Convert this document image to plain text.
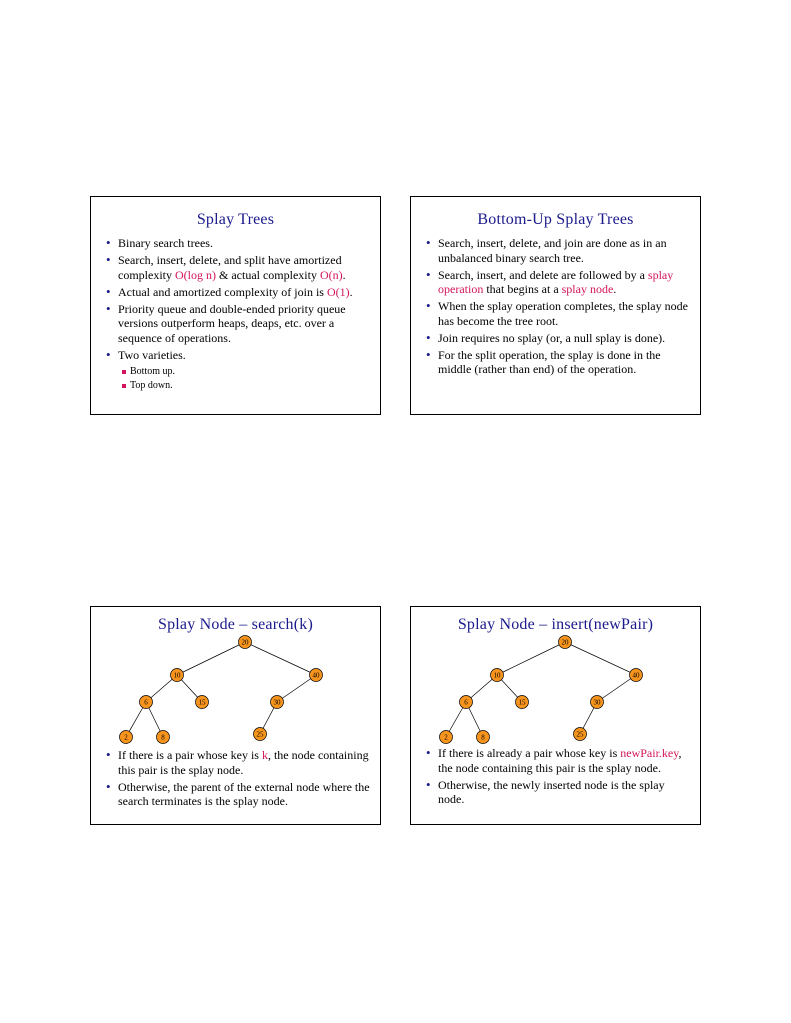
Splay Trees
• Binary search trees.
• Search, insert, delete, and split have amortized complexity O(log n) & actual complexity O(n).
• Actual and amortized complexity of join is O(1).
• Priority queue and double-ended priority queue versions outperform heaps, deaps, etc. over a sequence of operations.
• Two varieties.
Bottom up.
Top down.
Bottom-Up Splay Trees
• Search, insert, delete, and join are done as in an unbalanced binary search tree.
• Search, insert, and delete are followed by a splay operation that begins at a splay node.
• When the splay operation completes, the splay node has become the tree root.
• Join requires no splay (or, a null splay is done).
• For the split operation, the splay is done in the middle (rather than end) of the operation.
Splay Node – search(k)
20
10	40
6	15	30
2	8	25
• If there is a pair whose key is k, the node containing this pair is the splay node.
• Otherwise, the parent of the external node where the search terminates is the splay node.
Splay Node – insert(newPair)
20
10	40
6	15	30
2	8	25
• If there is already a pair whose key is newPair.key, the node containing this pair is the splay node.
• Otherwise, the newly inserted node is the splay node.
